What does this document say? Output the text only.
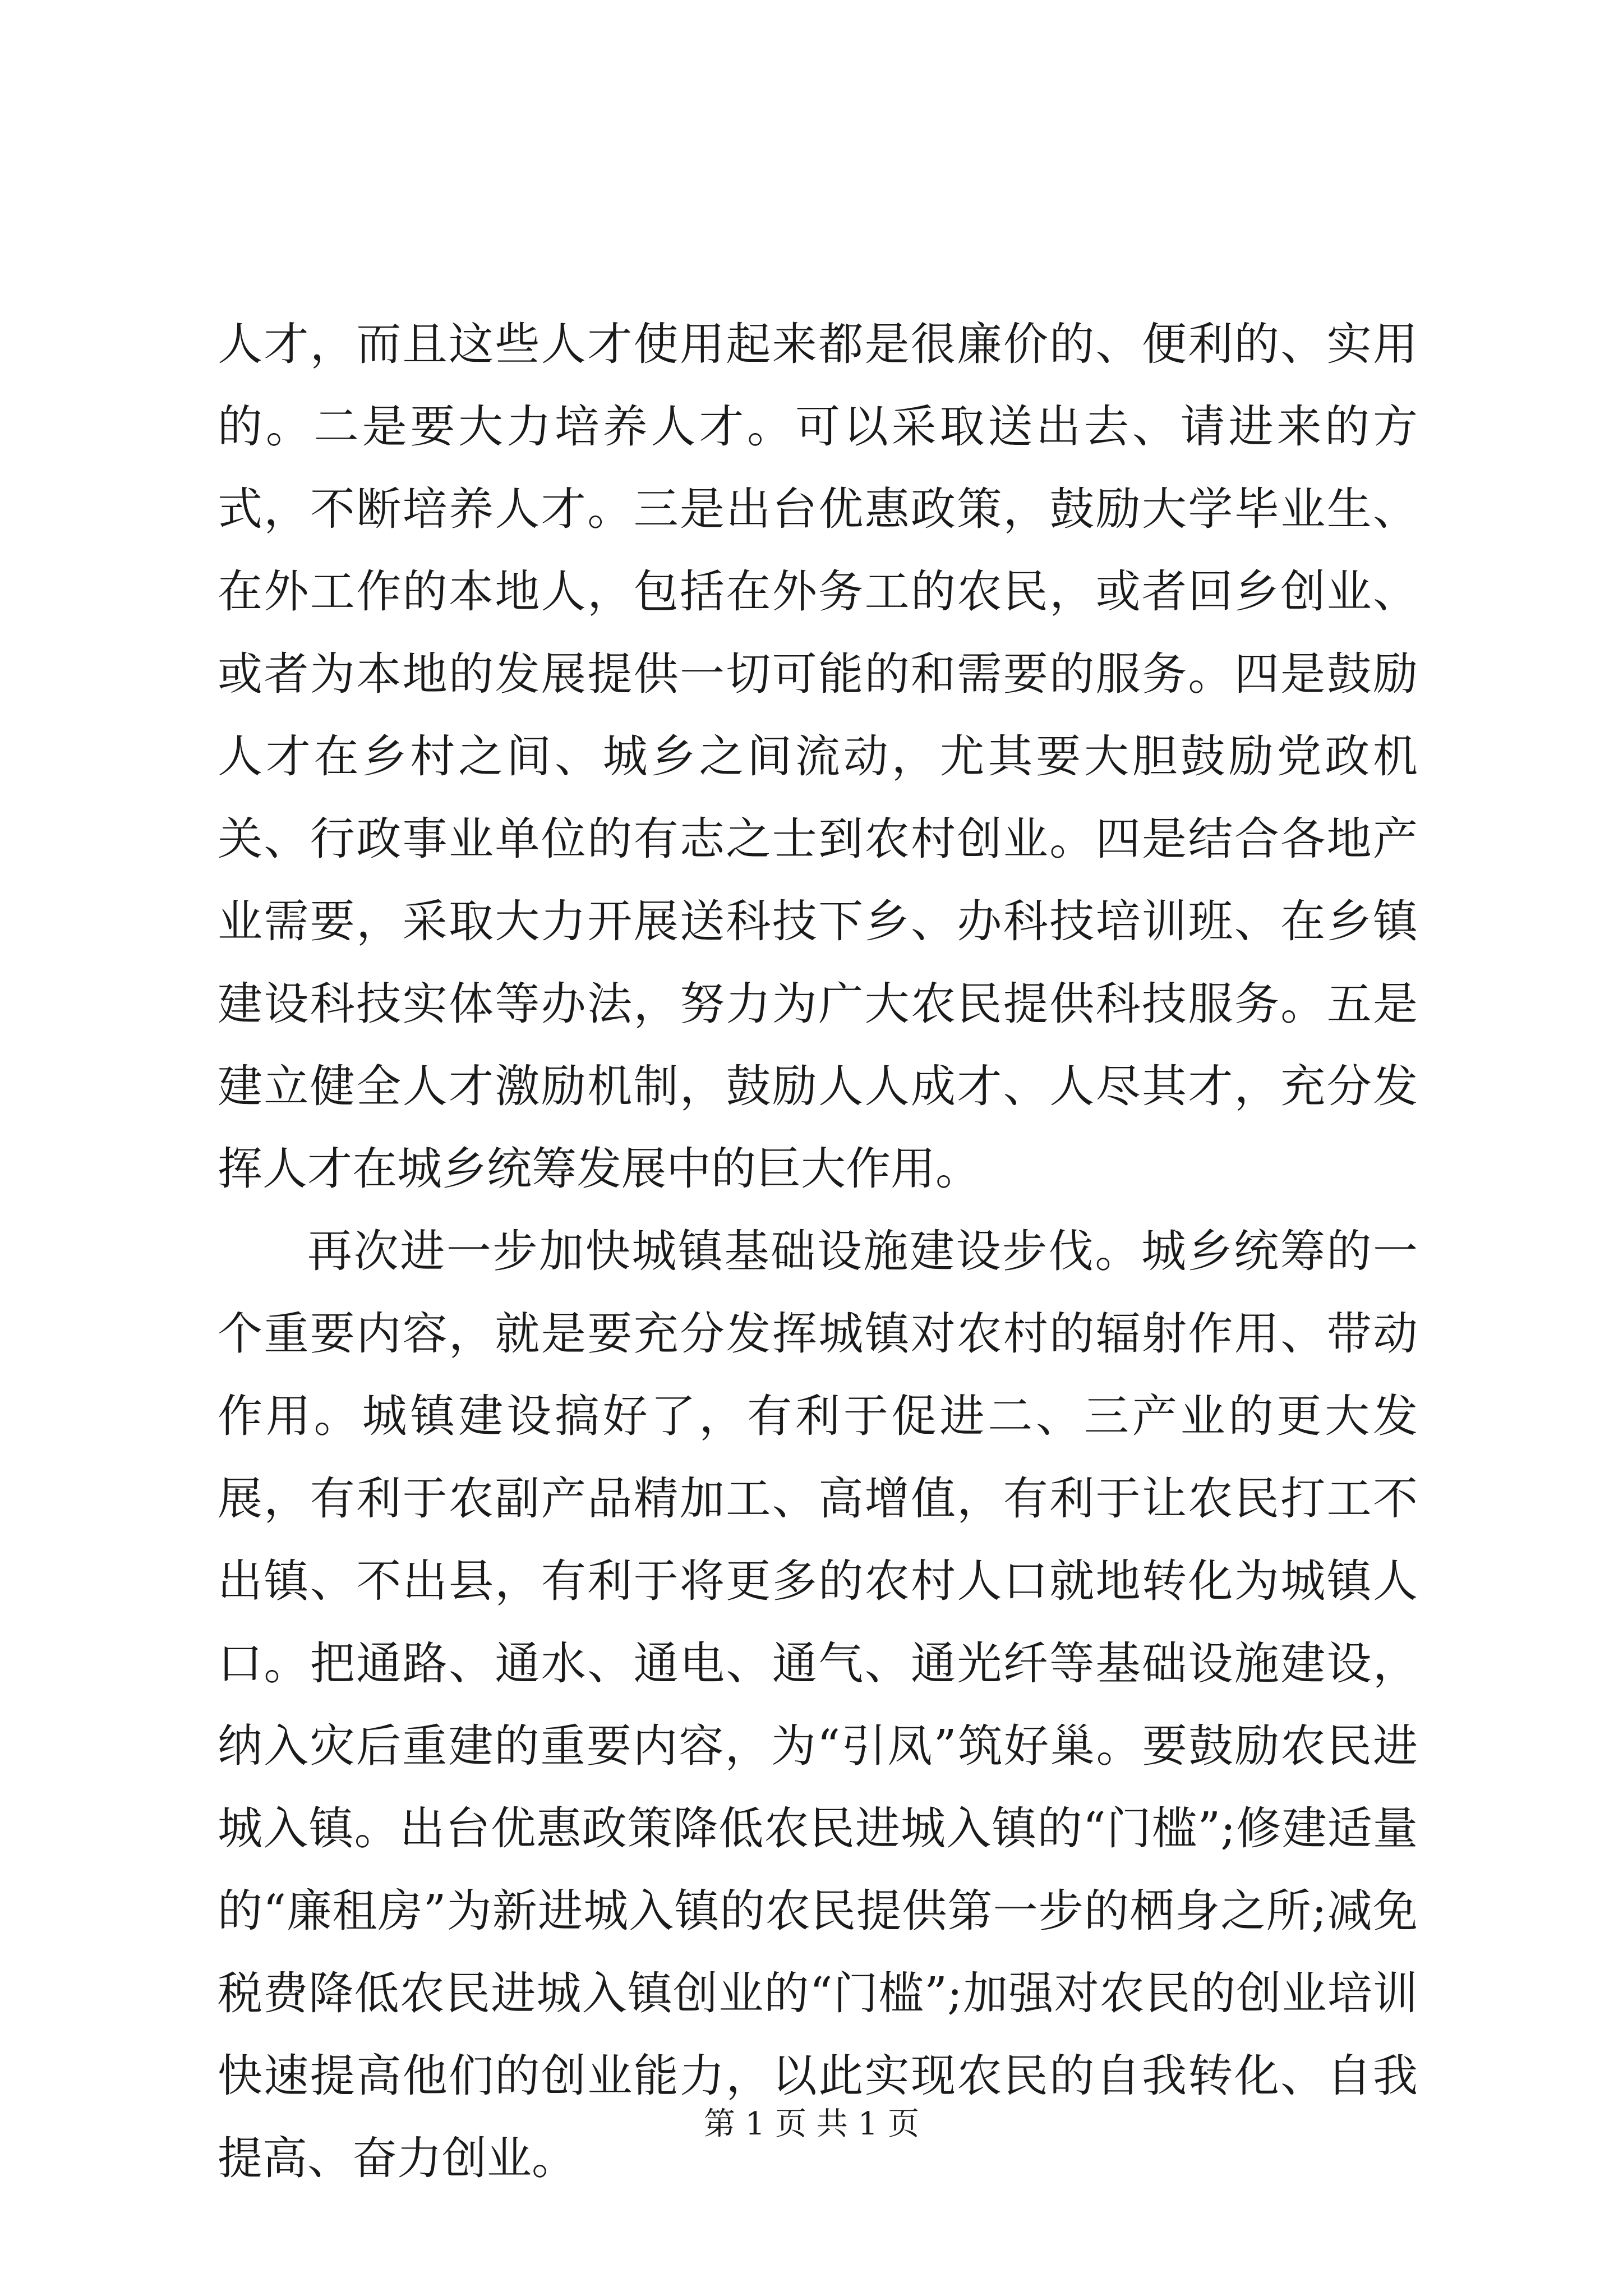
人才，而且这些人才使用起来都是很廉价的、便利的、实用的。二是要大力培养人才。可以采取送出去、请进来的方式，不断培养人才。三是出台优惠政策，鼓励大学毕业生、在外工作的本地人，包括在外务工的农民，或者回乡创业、或者为本地的发展提供一切可能的和需要的服务。四是鼓励人才在乡村之间、城乡之间流动，尤其要大胆鼓励党政机关、行政事业单位的有志之士到农村创业。四是结合各地产业需要，采取大力开展送科技下乡、办科技培训班、在乡镇建设科技实体等办法，努力为广大农民提供科技服务。五是建立健全人才激励机制，鼓励人人成才、人尽其才，充分发挥人才在城乡统筹发展中的巨大作用。

再次进一步加快城镇基础设施建设步伐。城乡统筹的一个重要内容，就是要充分发挥城镇对农村的辐射作用、带动作用。城镇建设搞好了，有利于促进二、三产业的更大发展，有利于农副产品精加工、高增值，有利于让农民打工不出镇、不出县，有利于将更多的农村人口就地转化为城镇人口。把通路、通水、通电、通气、通光纤等基础设施建设，纳入灾后重建的重要内容，为“引凤”筑好巢。要鼓励农民进城入镇。出台优惠政策降低农民进城入镇的“门槛”;修建适量的“廉租房”为新进城入镇的农民提供第一步的栖身之所;减免税费降低农民进城入镇创业的“门槛”;加强对农民的创业培训快速提高他们的创业能力，以此实现农民的自我转化、自我提高、奋力创业。

第 1 页 共 1 页
